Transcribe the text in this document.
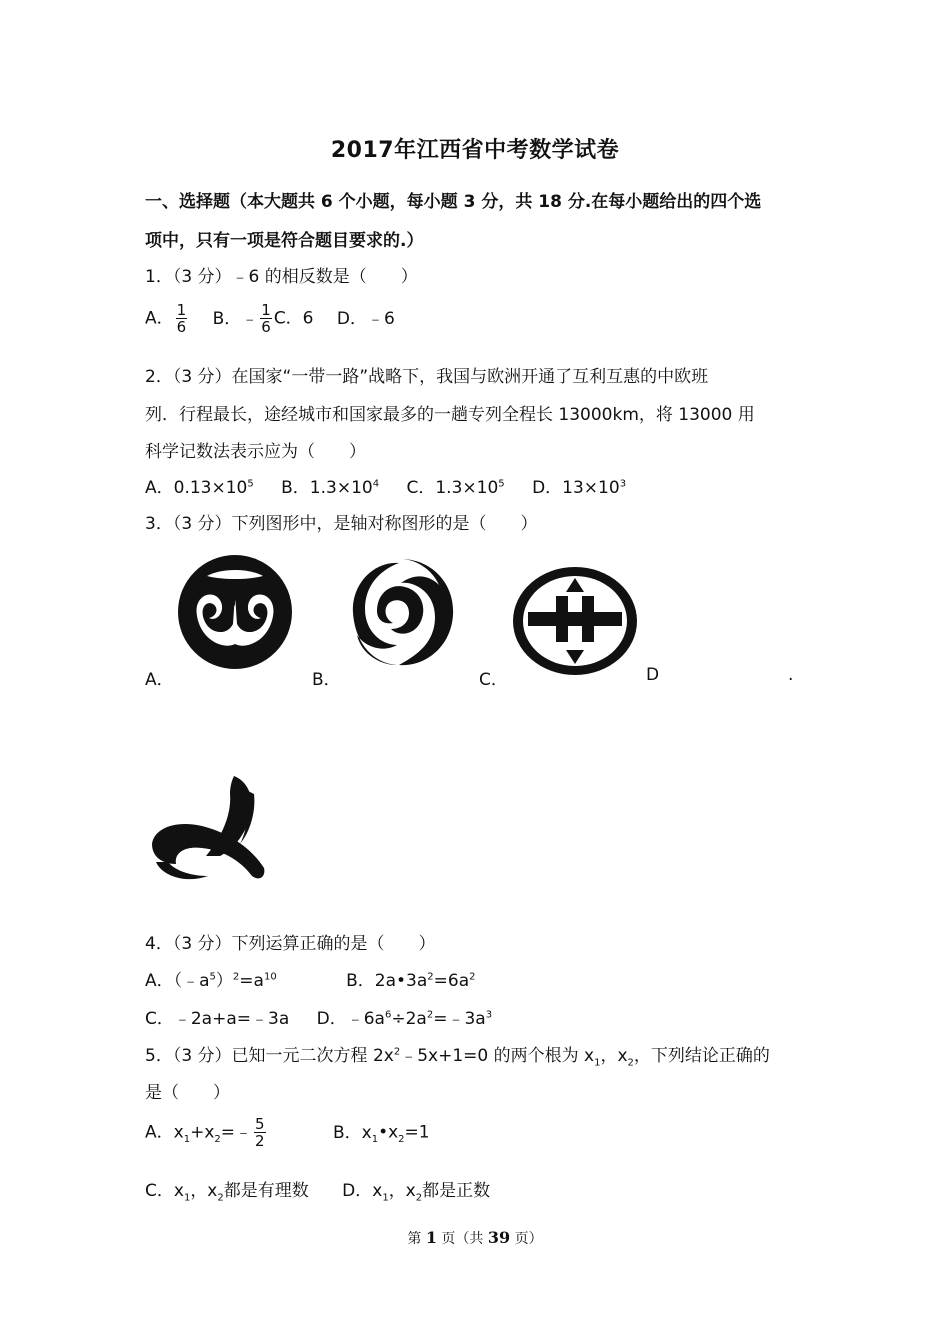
2017年江西省中考数学试卷
一、选择题（本大题共 6 个小题，每小题 3 分，共 18 分.在每小题给出的四个选
项中，只有一项是符合题目要求的.）
1．（3 分）﹣6 的相反数是（　　）
A． $\frac{1}{6}$ B．﹣ $\frac{1}{6}$ C．6 D．﹣6
2．（3 分）在国家“一带一路”战略下，我国与欧洲开通了互利互惠的中欧班
列．行程最长，途经城市和国家最多的一趟专列全程长 13000km，将 13000 用
科学记数法表示应为（　　）
A．$0.13\times 10^5$ B．$1.3\times 10^4$ C．$1.3\times 10^5$ D．$13\times 10^3$
3．（3 分）下列图形中，是轴对称图形的是（　　）
A．	B．	C．	D	.
4．（3 分）下列运算正确的是（　　）
A．$(﹣a^5)^2=a^{10}$	B．$2a•3a^2=6a^2$
C．﹣2a+a=﹣3a D．$﹣6a^6\div 2a^2=﹣3a^3$
5．（3 分）已知一元二次方程 $2x^2﹣5x+1=0$ 的两个根为 $x_1$，$x_2$，下列结论正确的
是（　　）
A．$x_1+x_2=﹣ \frac{5}{2}$	B．$x_1•x_2=1$
C．$x_1$，$x_2$都是有理数 D．$x_1$，$x_2$都是正数
第 1 页（共 39 页）
